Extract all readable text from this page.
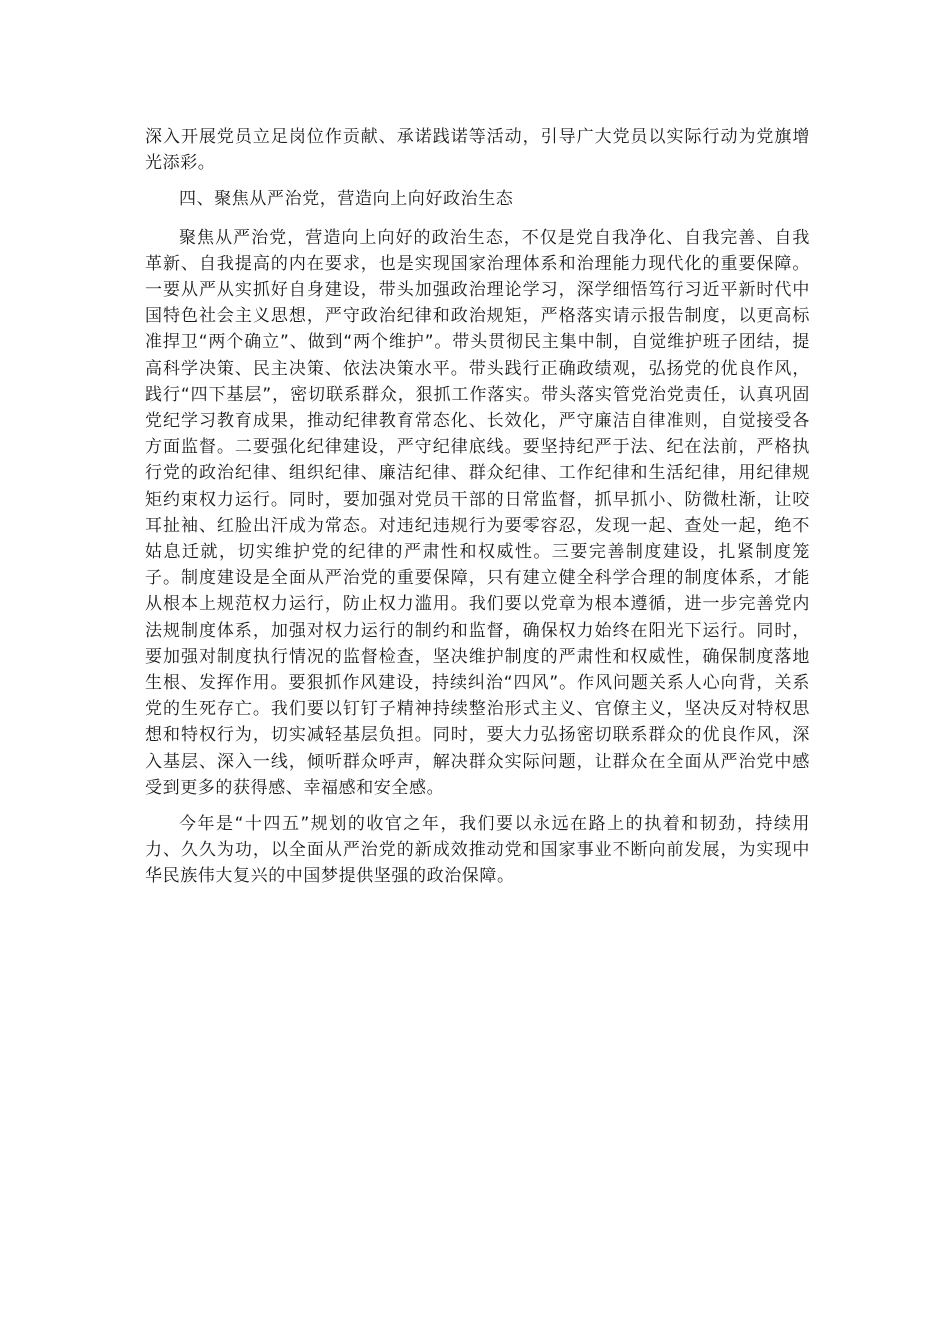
深入开展党员立足岗位作贡献、承诺践诺等活动，引导广大党员以实际行动为党旗增光添彩。

四、聚焦从严治党，营造向上向好政治生态

聚焦从严治党，营造向上向好的政治生态，不仅是党自我净化、自我完善、自我革新、自我提高的内在要求，也是实现国家治理体系和治理能力现代化的重要保障。一要从严从实抓好自身建设，带头加强政治理论学习，深学细悟笃行习近平新时代中国特色社会主义思想，严守政治纪律和政治规矩，严格落实请示报告制度，以更高标准捍卫“两个确立”、做到“两个维护”。带头贯彻民主集中制，自觉维护班子团结，提高科学决策、民主决策、依法决策水平。带头践行正确政绩观，弘扬党的优良作风，践行“四下基层”，密切联系群众，狠抓工作落实。带头落实管党治党责任，认真巩固党纪学习教育成果，推动纪律教育常态化、长效化，严守廉洁自律准则，自觉接受各方面监督。二要强化纪律建设，严守纪律底线。要坚持纪严于法、纪在法前，严格执行党的政治纪律、组织纪律、廉洁纪律、群众纪律、工作纪律和生活纪律，用纪律规矩约束权力运行。同时，要加强对党员干部的日常监督，抓早抓小、防微杜渐，让咬耳扯袖、红脸出汗成为常态。对违纪违规行为要零容忍，发现一起、查处一起，绝不姑息迁就，切实维护党的纪律的严肃性和权威性。三要完善制度建设，扎紧制度笼子。制度建设是全面从严治党的重要保障，只有建立健全科学合理的制度体系，才能从根本上规范权力运行，防止权力滥用。我们要以党章为根本遵循，进一步完善党内法规制度体系，加强对权力运行的制约和监督，确保权力始终在阳光下运行。同时，要加强对制度执行情况的监督检查，坚决维护制度的严肃性和权威性，确保制度落地生根、发挥作用。要狠抓作风建设，持续纠治“四风”。作风问题关系人心向背，关系党的生死存亡。我们要以钉钉子精神持续整治形式主义、官僚主义，坚决反对特权思想和特权行为，切实减轻基层负担。同时，要大力弘扬密切联系群众的优良作风，深入基层、深入一线，倾听群众呼声，解决群众实际问题，让群众在全面从严治党中感受到更多的获得感、幸福感和安全感。

今年是“十四五”规划的收官之年，我们要以永远在路上的执着和韧劲，持续用力、久久为功，以全面从严治党的新成效推动党和国家事业不断向前发展，为实现中华民族伟大复兴的中国梦提供坚强的政治保障。
